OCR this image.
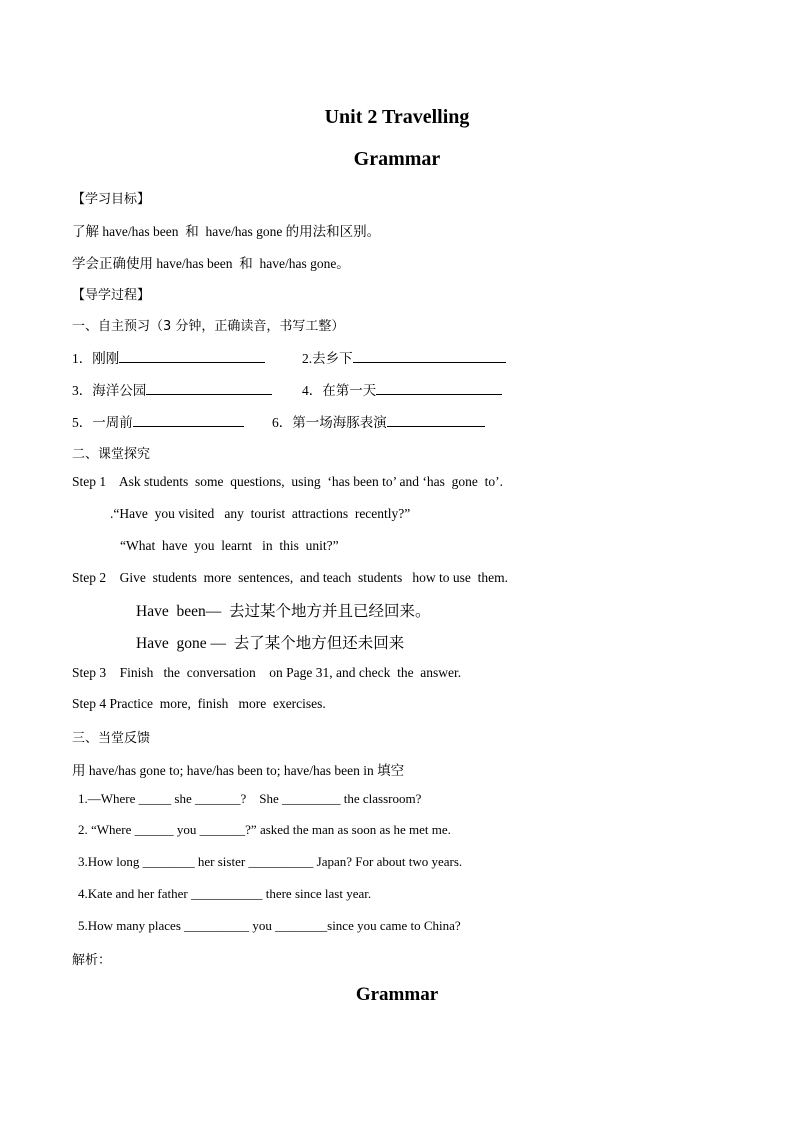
Unit 2 Travelling
Grammar
【学习目标】
了解 have/has been  和  have/has gone 的用法和区别。
学会正确使用 have/has been  和  have/has gone。
【导学过程】
一、自主预习（3 分钟，正确读音，书写工整）
1．刚刚	2.去乡下
3．海洋公园	4．在第一天
5．一周前	6．第一场海豚表演
二、课堂探究
Step 1    Ask students  some  questions,  using  ‘has been to’ and ‘has  gone  to’.
.“Have  you visited   any  tourist  attractions  recently?”
“What  have  you  learnt   in  this  unit?”
Step 2    Give  students  more  sentences,  and teach  students   how to use  them.
Have  been—  去过某个地方并且已经回来。
Have  gone —  去了某个地方但还未回来
Step 3    Finish   the  conversation    on Page 31, and check  the  answer.
Step 4 Practice  more,  finish   more  exercises.
三、当堂反馈
用 have/has gone to; have/has been to; have/has been in 填空
1.—Where _____ she _______?    She _________ the classroom?
2. “Where ______ you _______?” asked the man as soon as he met me.
3.How long ________ her sister __________ Japan? For about two years.
4.Kate and her father ___________ there since last year.
5.How many places __________ you ________since you came to China?
解析：
Grammar
